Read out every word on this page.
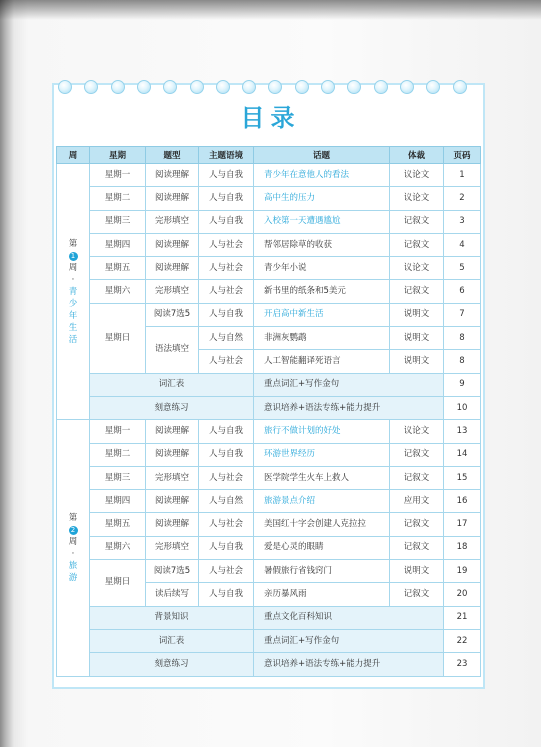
目录
周	星期	题型	主题语境	话题	体裁	页码
第
1
周
·
青少年生活	星期一	阅读理解	人与自我	青少年在意他人的看法	议论文	1
	星期二	阅读理解	人与自我	高中生的压力	议论文	2
	星期三	完形填空	人与自我	入校第一天遭遇尴尬	记叙文	3
	星期四	阅读理解	人与社会	帮邻居除草的收获	记叙文	4
	星期五	阅读理解	人与社会	青少年小说	议论文	5
	星期六	完形填空	人与社会	新书里的纸条和5美元	记叙文	6
	星期日	阅读7选5	人与自我	开启高中新生活	说明文	7
		语法填空	人与自然	非洲灰鹦鹉	说明文	8
			人与社会	人工智能翻译死语言	说明文	8
	词汇表			重点词汇+写作金句		9
	刻意练习			意识培养+语法专练+能力提升		10
第
2
周
·
旅游	星期一	阅读理解	人与自我	旅行不做计划的好处	议论文	13
	星期二	阅读理解	人与自我	环游世界经历	记叙文	14
	星期三	完形填空	人与社会	医学院学生火车上救人	记叙文	15
	星期四	阅读理解	人与自然	旅游景点介绍	应用文	16
	星期五	阅读理解	人与社会	美国红十字会创建人克拉拉	记叙文	17
	星期六	完形填空	人与自我	爱是心灵的眼睛	记叙文	18
	星期日	阅读7选5	人与社会	暑假旅行省钱窍门	说明文	19
		读后续写	人与自我	亲历暴风雨	记叙文	20
	背景知识			重点文化百科知识		21
	词汇表			重点词汇+写作金句		22
	刻意练习			意识培养+语法专练+能力提升		23
